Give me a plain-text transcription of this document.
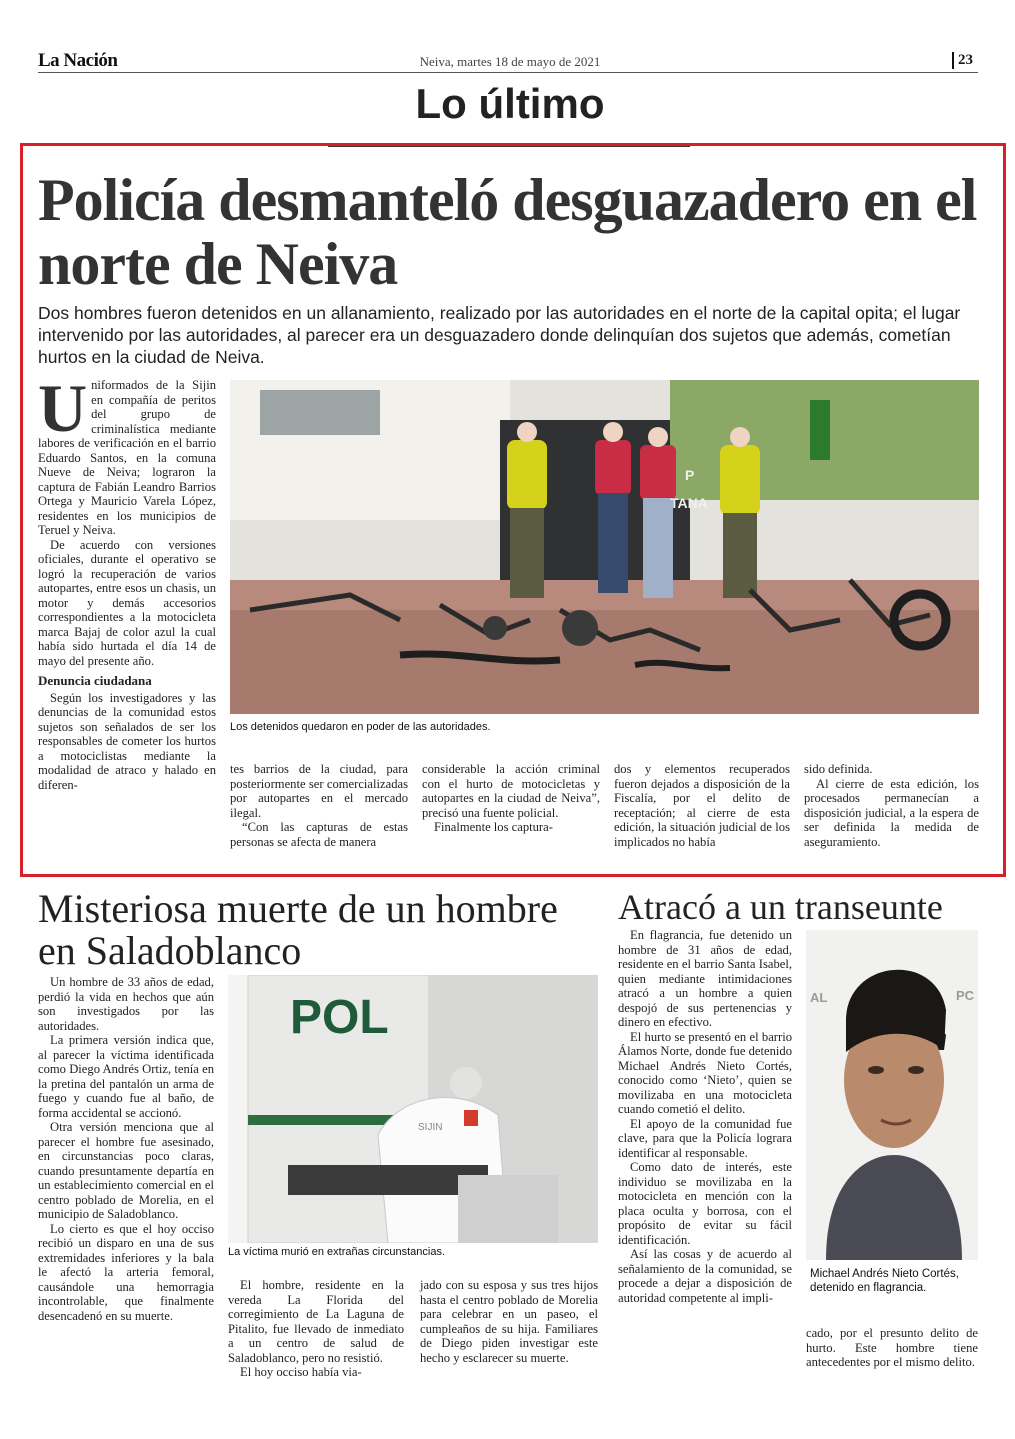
La Nación	Neiva, martes 18 de mayo de 2021	23
Lo último
Policía desmanteló desguazadero en el norte de Neiva
Dos hombres fueron detenidos en un allanamiento, realizado por las autoridades en el norte de la capital opita; el lugar intervenido por las autoridades, al parecer era un desguazadero donde delinquían dos sujetos que además, cometían hurtos en la ciudad de Neiva.
U niformados de la Sijin en compañía de peritos del grupo de criminalística mediante labores de verificación en el barrio Eduardo Santos, en la comuna Nueve de Neiva; lograron la captura de Fabián Leandro Barrios Ortega y Mauricio Varela López, residentes en los municipios de Teruel y Neiva.

De acuerdo con versiones oficiales, durante el operativo se logró la recuperación de varios autopartes, entre esos un chasis, un motor y demás accesorios correspondientes a la motocicleta marca Bajaj de color azul la cual había sido hurtada el día 14 de mayo del presente año.

Denuncia ciudadana

Según los investigadores y las denuncias de la comunidad estos sujetos son señalados de ser los responsables de cometer los hurtos a motociclistas mediante la modalidad de atraco y halado en diferen-

P
TANA
Los detenidos quedaron en poder de las autoridades.

tes barrios de la ciudad, para posteriormente ser comercializadas por autopartes en el mercado ilegal.

“Con las capturas de estas personas se afecta de manera

considerable la acción criminal con el hurto de motocicletas y autopartes en la ciudad de Neiva”, precisó una fuente policial.

Finalmente los captura-

dos y elementos recuperados fueron dejados a disposición de la Fiscalía, por el delito de receptación; al cierre de esta edición, la situación judicial de los implicados no había

sido definida.

Al cierre de esta edición, los procesados permanecían a disposición judicial, a la espera de ser definida la medida de aseguramiento.

Misteriosa muerte de un hombre en Saladoblanco

Un hombre de 33 años de edad, perdió la vida en hechos que aún son investigados por las autoridades.

La primera versión indica que, al parecer la víctima identificada como Diego Andrés Ortiz, tenía en la pretina del pantalón un arma de fuego y cuando fue al baño, de forma accidental se accionó.

Otra versión menciona que al parecer el hombre fue asesinado, en circunstancias poco claras, cuando presuntamente departía en un establecimiento comercial en el centro poblado de Morelia, en el municipio de Saladoblanco.

Lo cierto es que el hoy occiso recibió un disparo en una de sus extremidades inferiores y la bala le afectó la arteria femoral, causándole una hemorragia incontrolable, que finalmente desencadenó en su muerte.

POL
SIJIN
La víctima murió en extrañas circunstancias.

El hombre, residente en la vereda La Florida del corregimiento de La Laguna de Pitalito, fue llevado de inmediato a un centro de salud de Saladoblanco, pero no resistió.

El hoy occiso había via-

jado con su esposa y sus tres hijos hasta el centro poblado de Morelia para celebrar en un paseo, el cumpleaños de su hija. Familiares de Diego piden investigar este hecho y esclarecer su muerte.

Atracó a un transeunte

En flagrancia, fue detenido un hombre de 31 años de edad, residente en el barrio Santa Isabel, quien mediante intimidaciones atracó a un hombre a quien despojó de sus pertenencias y dinero en efectivo.

El hurto se presentó en el barrio Álamos Norte, donde fue detenido Michael Andrés Nieto Cortés, conocido como ‘Nieto’, quien se movilizaba en una motocicleta cuando cometió el delito.

El apoyo de la comunidad fue clave, para que la Policía lograra identificar al responsable.

Como dato de interés, este individuo se movilizaba en la motocicleta en mención con la placa oculta y borrosa, con el propósito de evitar su fácil identificación.

Así las cosas y de acuerdo al señalamiento de la comunidad, se procede a dejar a disposición de autoridad competente al impli-

AL	PC
Michael Andrés Nieto Cortés, detenido en flagrancia.

cado, por el presunto delito de hurto. Este hombre tiene antecedentes por el mismo delito.
